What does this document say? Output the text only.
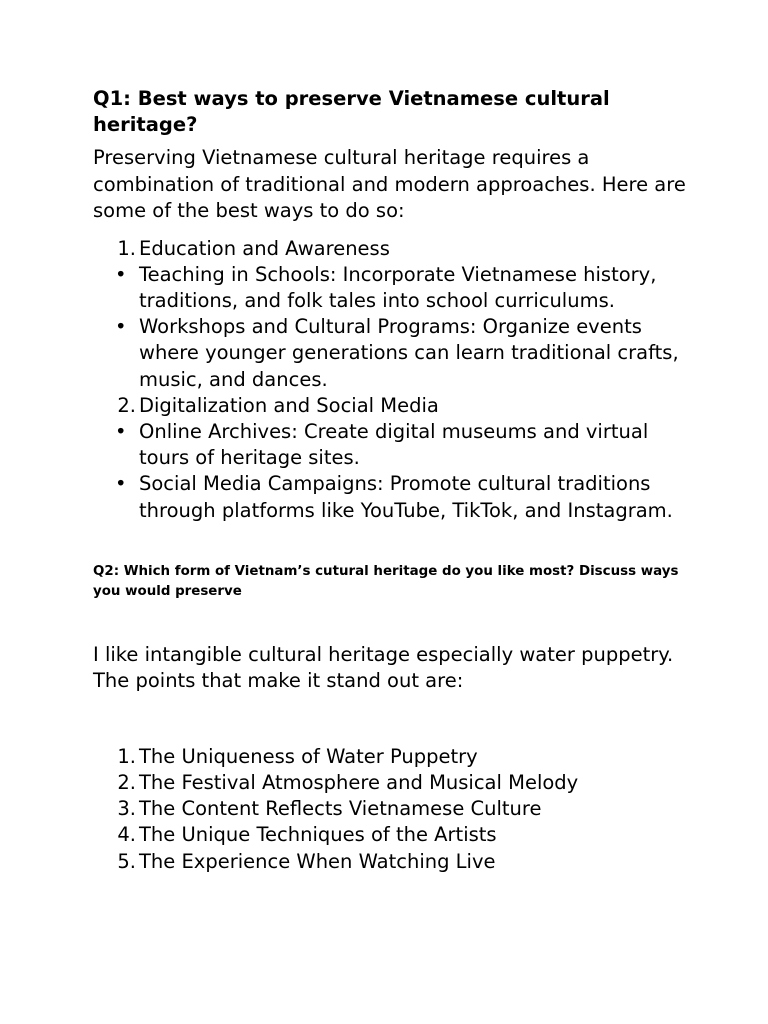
Q1: Best ways to preserve Vietnamese cultural heritage?

Preserving Vietnamese cultural heritage requires a combination of traditional and modern approaches. Here are some of the best ways to do so:

1. Education and Awareness
• Teaching in Schools: Incorporate Vietnamese history, traditions, and folk tales into school curriculums.
• Workshops and Cultural Programs: Organize events where younger generations can learn traditional crafts, music, and dances.
2. Digitalization and Social Media
• Online Archives: Create digital museums and virtual tours of heritage sites.
• Social Media Campaigns: Promote cultural traditions through platforms like YouTube, TikTok, and Instagram.
Q2: Which form of Vietnam’s cutural heritage do you like most? Discuss ways you would preserve

I like intangible cultural heritage especially water puppetry. The points that make it stand out are:

1. The Uniqueness of Water Puppetry
2. The Festival Atmosphere and Musical Melody
3. The Content Reflects Vietnamese Culture
4. The Unique Techniques of the Artists
5. The Experience When Watching Live
